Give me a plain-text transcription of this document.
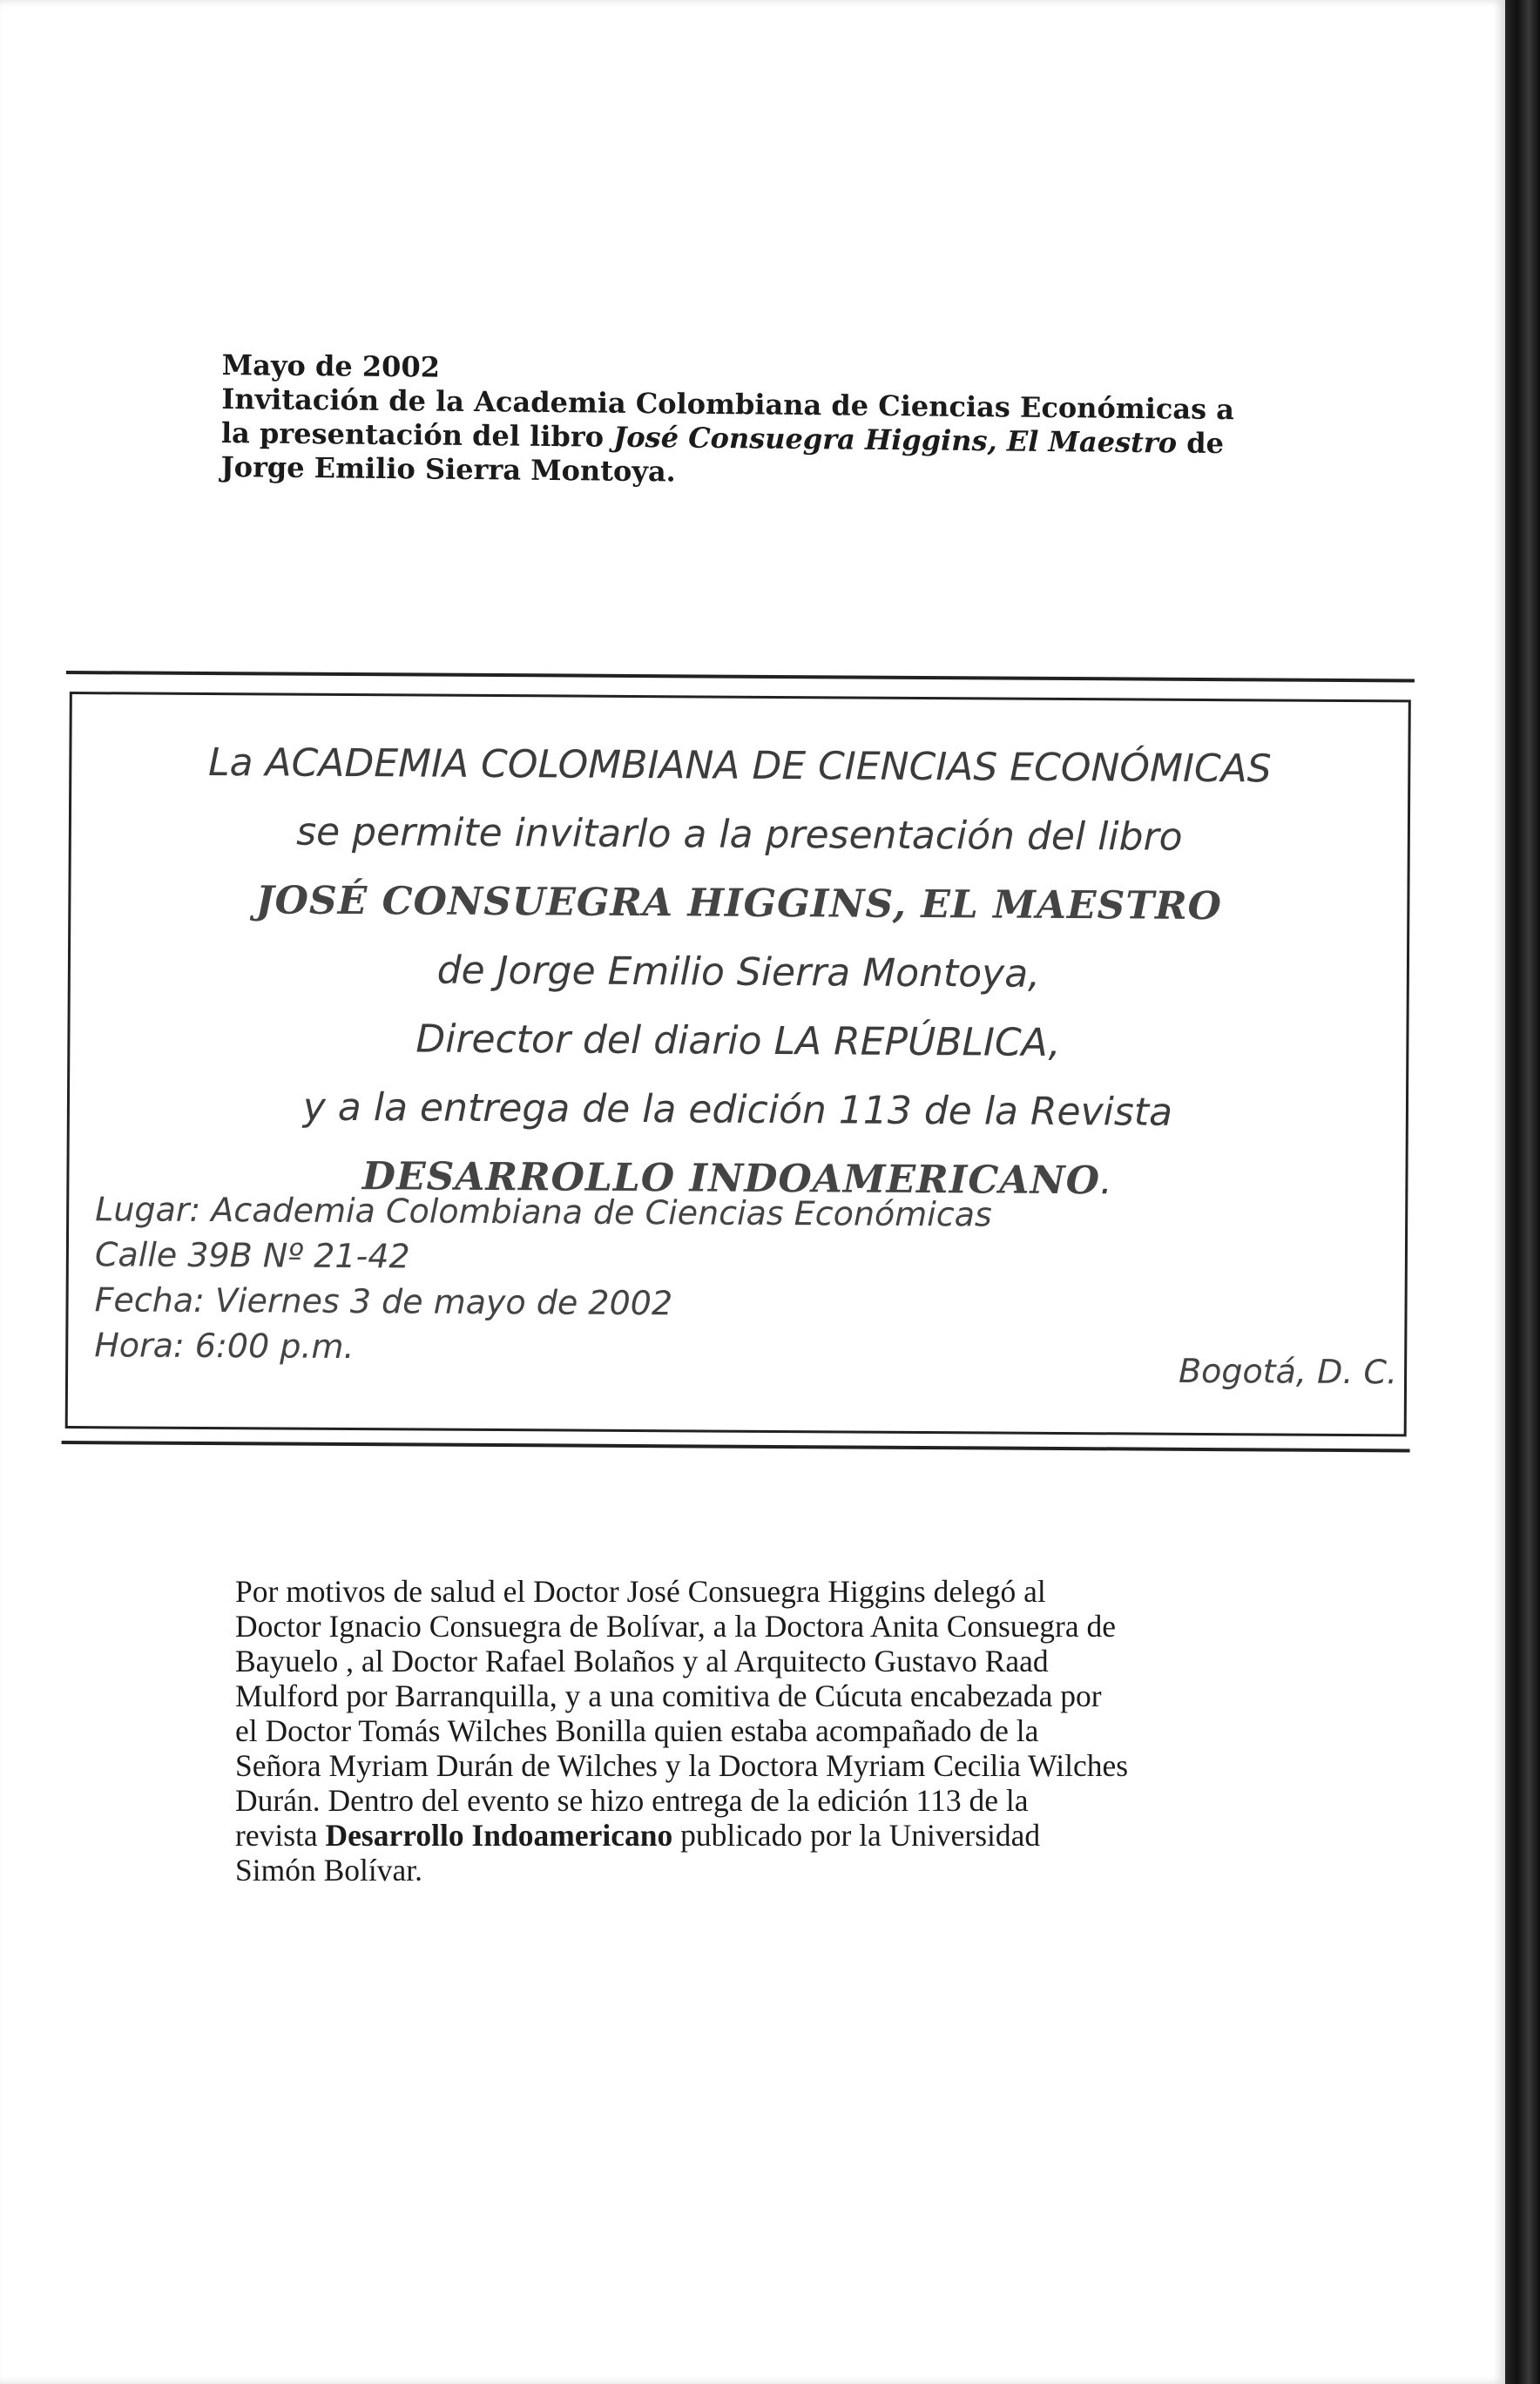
Mayo de 2002
Invitación de la Academia Colombiana de Ciencias Económicas a
la presentación del libro José Consuegra Higgins, El Maestro de
Jorge Emilio Sierra Montoya.
La ACADEMIA COLOMBIANA DE CIENCIAS ECONÓMICAS
se permite invitarlo a la presentación del libro
JOSÉ CONSUEGRA HIGGINS, EL MAESTRO
de Jorge Emilio Sierra Montoya,
Director del diario LA REPÚBLICA,
y a la entrega de la edición 113 de la Revista
DESARROLLO INDOAMERICANO.
Lugar: Academia Colombiana de Ciencias Económicas
Calle 39B Nº 21-42
Fecha: Viernes 3 de mayo de 2002
Hora: 6:00 p.m.
Bogotá, D. C.
Por motivos de salud el Doctor José Consuegra Higgins delegó al
Doctor Ignacio Consuegra de Bolívar, a la Doctora Anita Consuegra de
Bayuelo , al Doctor Rafael Bolaños y al Arquitecto Gustavo Raad
Mulford por Barranquilla, y a una comitiva de Cúcuta encabezada por
el Doctor Tomás Wilches Bonilla quien estaba acompañado de la
Señora Myriam Durán de Wilches y la Doctora Myriam Cecilia Wilches
Durán. Dentro del evento se hizo entrega de la edición 113 de la
revista Desarrollo Indoamericano publicado por la Universidad
Simón Bolívar.
